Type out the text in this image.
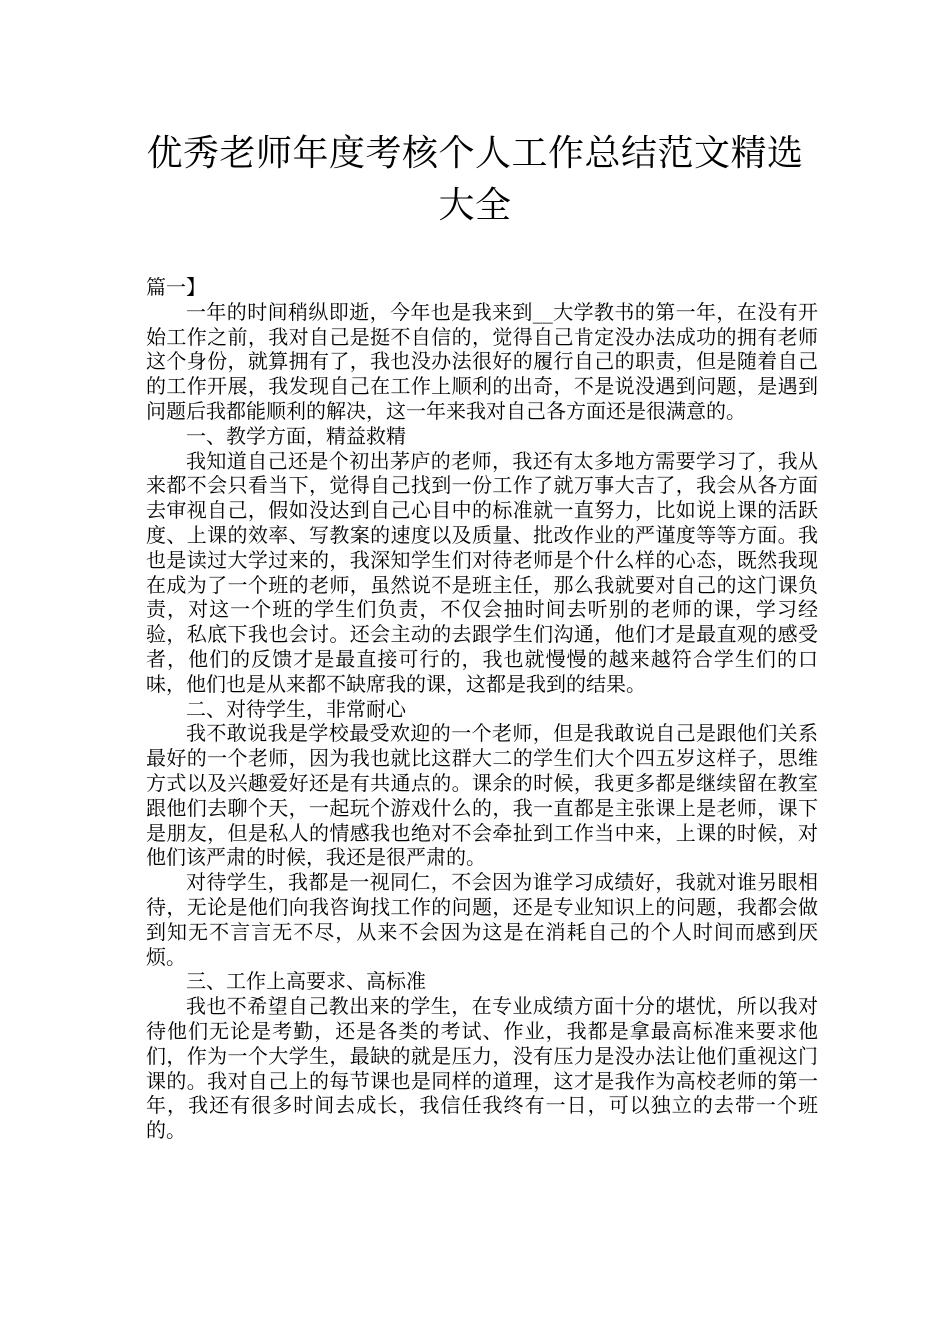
优秀老师年度考核个人工作总结范文精选大全

篇一】

一年的时间稍纵即逝，今年也是我来到__大学教书的第一年，在没有开始工作之前，我对自己是挺不自信的，觉得自己肯定没办法成功的拥有老师这个身份，就算拥有了，我也没办法很好的履行自己的职责，但是随着自己的工作开展，我发现自己在工作上顺利的出奇，不是说没遇到问题，是遇到问题后我都能顺利的解决，这一年来我对自己各方面还是很满意的。

一、教学方面，精益救精

我知道自己还是个初出茅庐的老师，我还有太多地方需要学习了，我从来都不会只看当下，觉得自己找到一份工作了就万事大吉了，我会从各方面去审视自己，假如没达到自己心目中的标准就一直努力，比如说上课的活跃度、上课的效率、写教案的速度以及质量、批改作业的严谨度等等方面。我也是读过大学过来的，我深知学生们对待老师是个什么样的心态，既然我现在成为了一个班的老师，虽然说不是班主任，那么我就要对自己的这门课负责，对这一个班的学生们负责，不仅会抽时间去听别的老师的课，学习经验，私底下我也会讨。还会主动的去跟学生们沟通，他们才是最直观的感受者，他们的反馈才是最直接可行的，我也就慢慢的越来越符合学生们的口味，他们也是从来都不缺席我的课，这都是我到的结果。

二、对待学生，非常耐心

我不敢说我是学校最受欢迎的一个老师，但是我敢说自己是跟他们关系最好的一个老师，因为我也就比这群大二的学生们大个四五岁这样子，思维方式以及兴趣爱好还是有共通点的。课余的时候，我更多都是继续留在教室跟他们去聊个天，一起玩个游戏什么的，我一直都是主张课上是老师，课下是朋友，但是私人的情感我也绝对不会牵扯到工作当中来，上课的时候，对他们该严肃的时候，我还是很严肃的。

对待学生，我都是一视同仁，不会因为谁学习成绩好，我就对谁另眼相待，无论是他们向我咨询找工作的问题，还是专业知识上的问题，我都会做到知无不言言无不尽，从来不会因为这是在消耗自己的个人时间而感到厌烦。

三、工作上高要求、高标准

我也不希望自己教出来的学生，在专业成绩方面十分的堪忧，所以我对待他们无论是考勤，还是各类的考试、作业，我都是拿最高标准来要求他们，作为一个大学生，最缺的就是压力，没有压力是没办法让他们重视这门课的。我对自己上的每节课也是同样的道理，这才是我作为高校老师的第一年，我还有很多时间去成长，我信任我终有一日，可以独立的去带一个班的。
